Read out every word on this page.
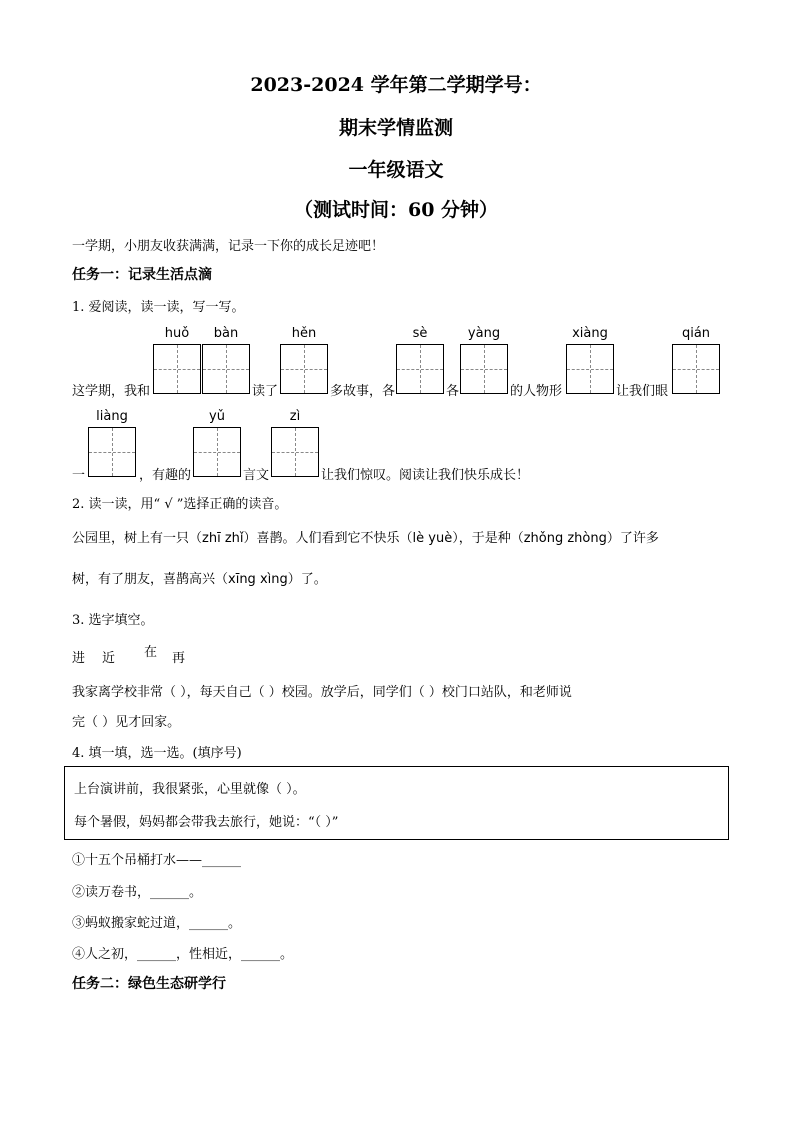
2023-2024 学年第二学期学号：
期末学情监测
一年级语文
（测试时间：60 分钟）
一学期，小朋友收获满满，记录一下你的成长足迹吧！
任务一：记录生活点滴
1. 爱阅读，读一读，写一写。
huǒ	bàn	hěn	sè	yàng	xiàng	qián
这学期，我和	读了	多故事，各	各	的人物形	让我们眼
liàng	yǔ	zì
一	，有趣的	言文	让我们惊叹。阅读让我们快乐成长！
2. 读一读，用“ √ ”选择正确的读音。
公园里，树上有一只（zhī zhǐ）喜鹊。人们看到它不快乐（lè yuè），于是种（zhǒng zhòng）了许多
树，有了朋友，喜鹊高兴（xīng xìng）了。
3. 选字填空。
进 近 在 再
我家离学校非常（ ），每天自己（ ）校园。放学后，同学们（ ）校门口站队，和老师说
完（ ）见才回家。
4. 填一填，选一选。(填序号)
上台演讲前，我很紧张，心里就像（ ）。
每个暑假，妈妈都会带我去旅行，她说：“（ ）”
①十五个吊桶打水——______
②读万卷书，______。
③蚂蚁搬家蛇过道，______。
④人之初，______，性相近，______。
任务二：绿色生态研学行
